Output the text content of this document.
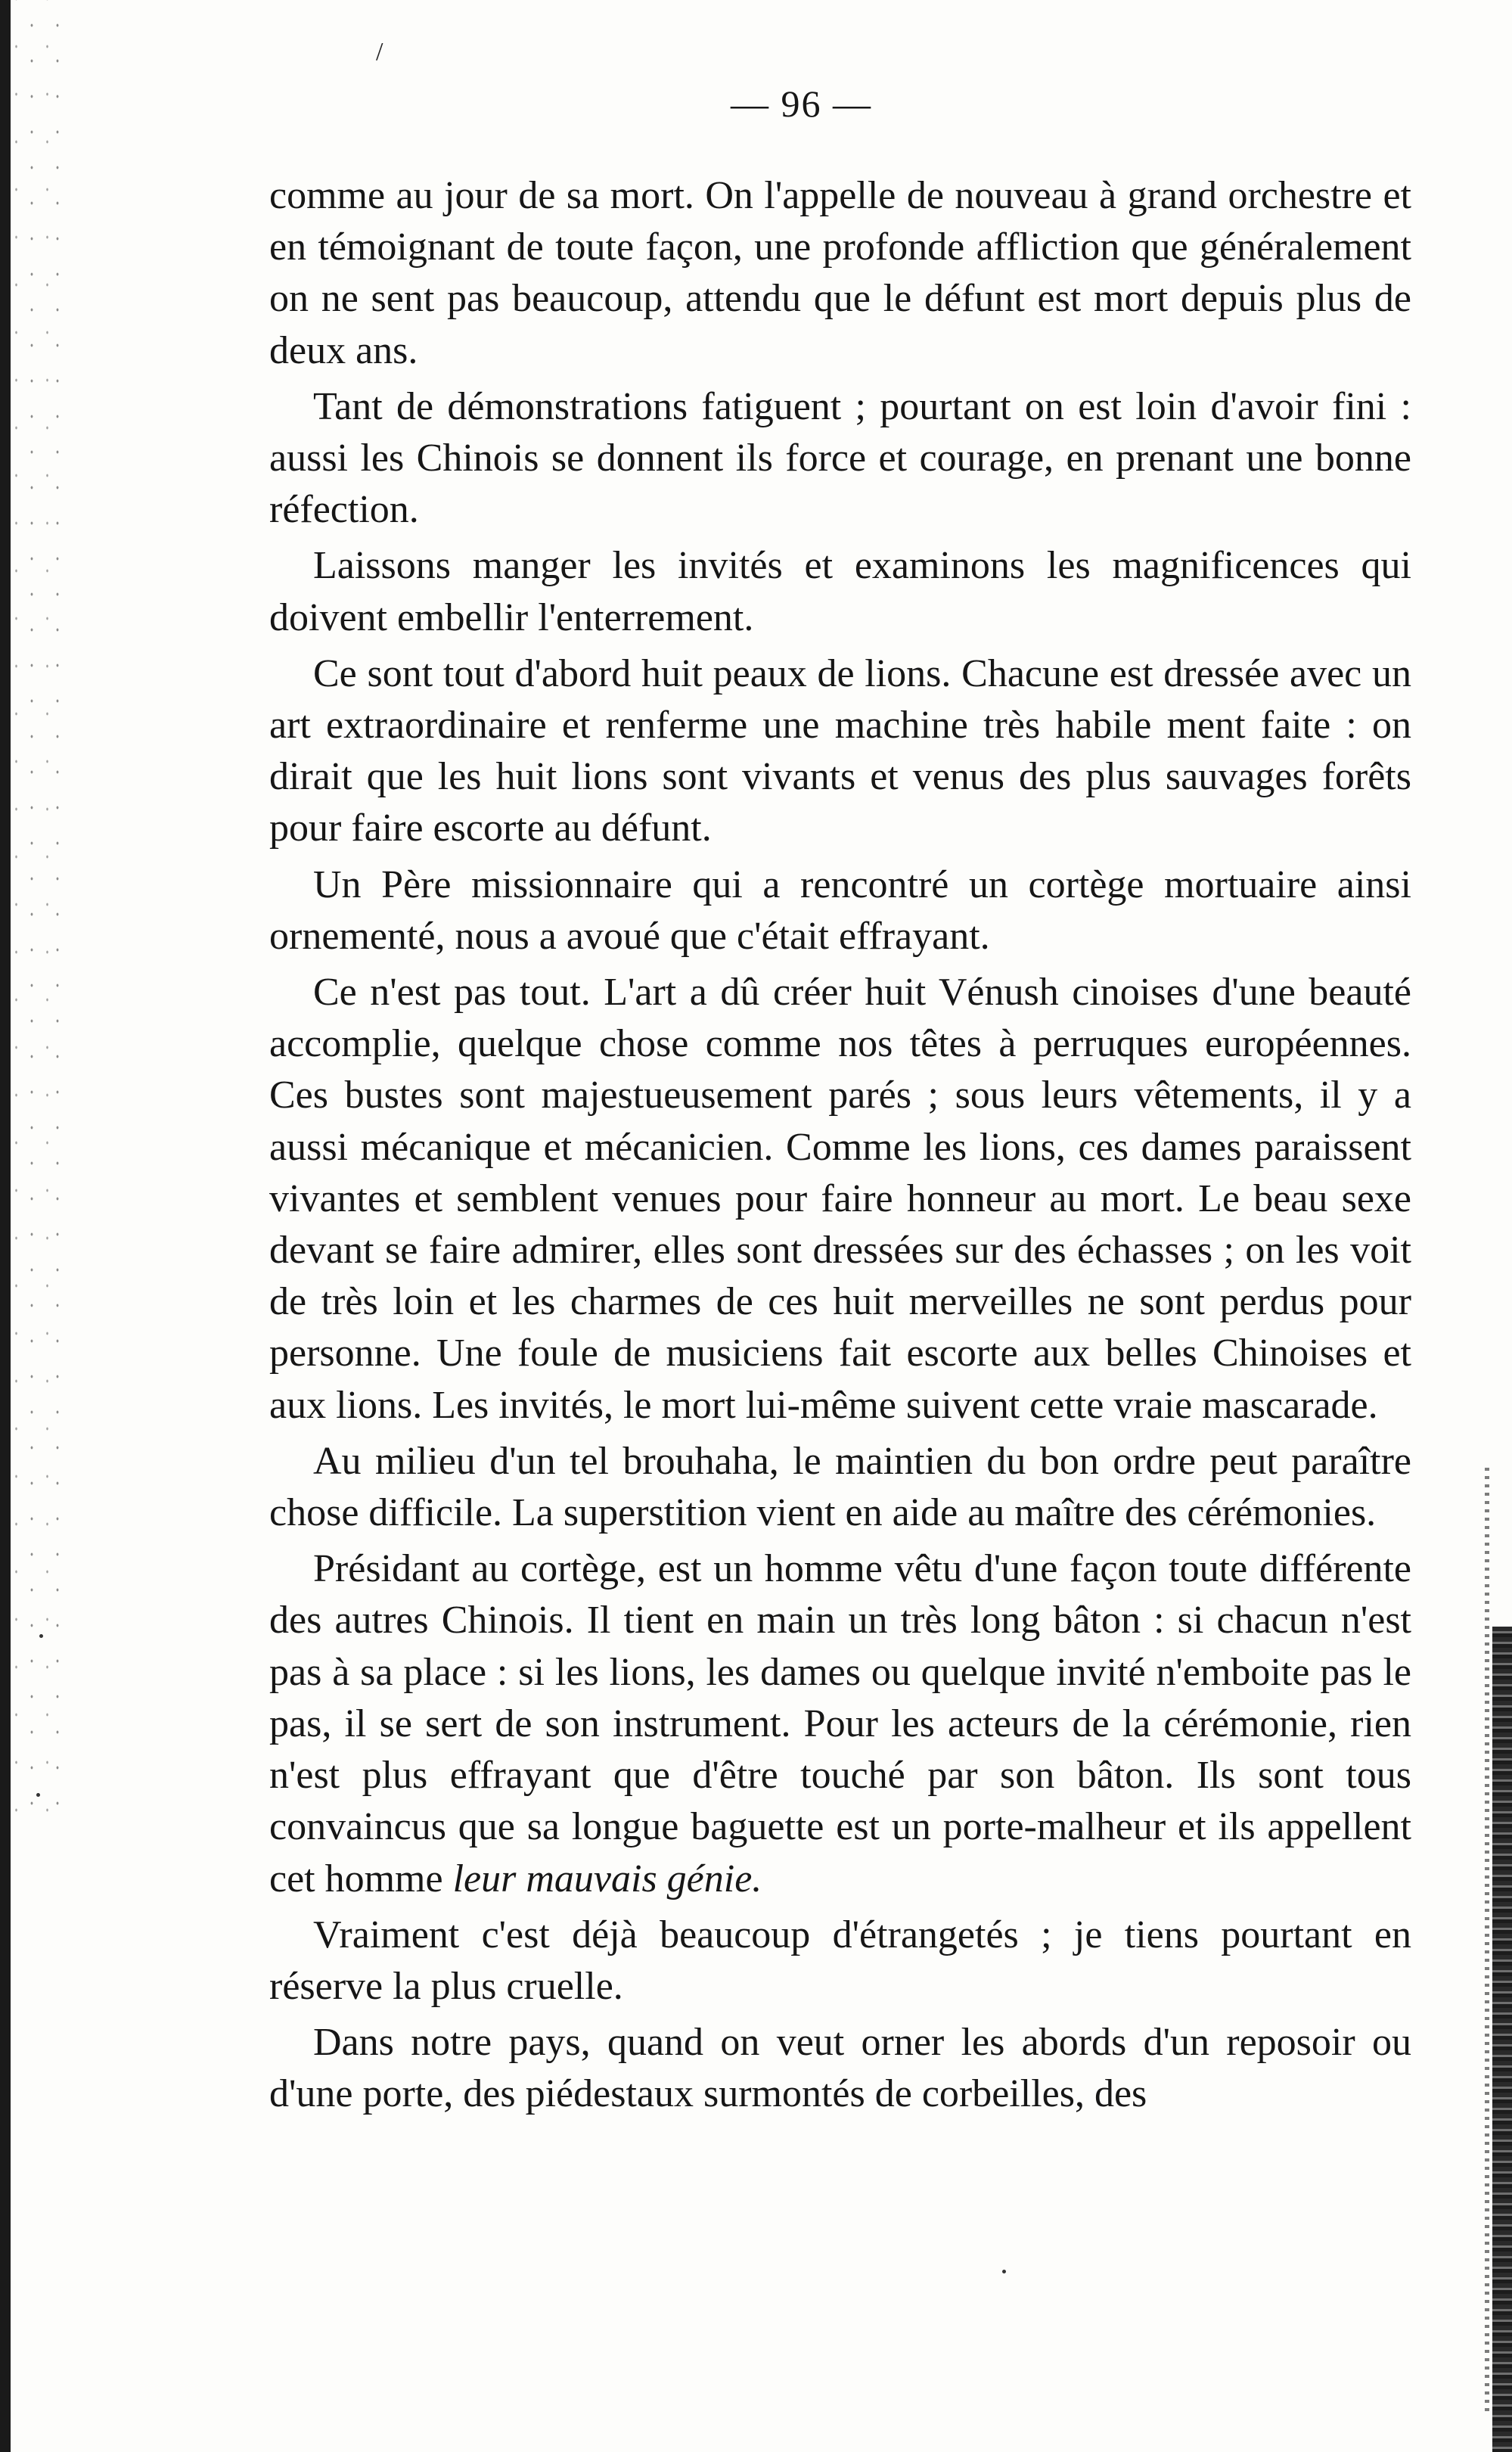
/
— 96 —

comme au jour de sa mort. On l'appelle de nouveau à grand orchestre et en témoignant de toute façon, une profonde affliction que généralement on ne sent pas beaucoup, attendu que le défunt est mort depuis plus de deux ans.

Tant de démonstrations fatiguent ; pourtant on est loin d'avoir fini : aussi les Chinois se donnent ils force et courage, en prenant une bonne réfection.

Laissons manger les invités et examinons les magnificences qui doivent embellir l'enterrement.

Ce sont tout d'abord huit peaux de lions. Chacune est dressée avec un art extraordinaire et renferme une machine très habile ment faite : on dirait que les huit lions sont vivants et venus des plus sauvages forêts pour faire escorte au défunt.

Un Père missionnaire qui a rencontré un cortège mortuaire ainsi ornementé, nous a avoué que c'était effrayant.

Ce n'est pas tout. L'art a dû créer huit Vénush cinoises d'une beauté accomplie, quelque chose comme nos têtes à perruques européennes. Ces bustes sont majestueusement parés ; sous leurs vêtements, il y a aussi mécanique et mécanicien. Comme les lions, ces dames paraissent vivantes et semblent venues pour faire honneur au mort. Le beau sexe devant se faire admirer, elles sont dressées sur des échasses ; on les voit de très loin et les charmes de ces huit merveilles ne sont perdus pour personne. Une foule de musiciens fait escorte aux belles Chinoises et aux lions. Les invités, le mort lui-même suivent cette vraie mascarade.

Au milieu d'un tel brouhaha, le maintien du bon ordre peut paraître chose difficile. La superstition vient en aide au maître des cérémonies.

Présidant au cortège, est un homme vêtu d'une façon toute différente des autres Chinois. Il tient en main un très long bâton : si chacun n'est pas à sa place : si les lions, les dames ou quelque invité n'emboite pas le pas, il se sert de son instrument. Pour les acteurs de la cérémonie, rien n'est plus effrayant que d'être touché par son bâton. Ils sont tous convaincus que sa longue baguette est un porte-malheur et ils appellent cet homme leur mauvais génie.

Vraiment c'est déjà beaucoup d'étrangetés ; je tiens pourtant en réserve la plus cruelle.

Dans notre pays, quand on veut orner les abords d'un reposoir ou d'une porte, des piédestaux surmontés de corbeilles, des
